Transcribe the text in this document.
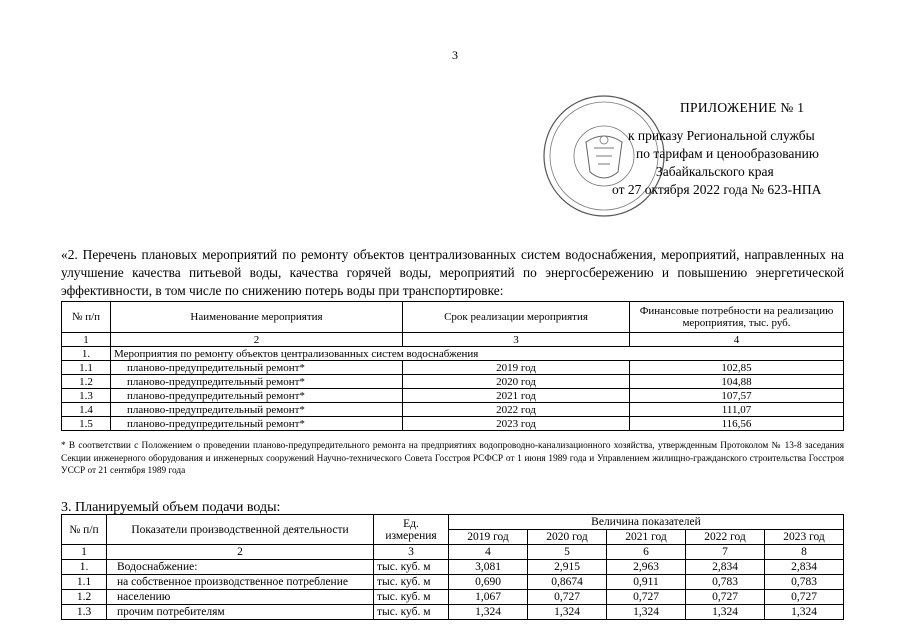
3
ПРИЛОЖЕНИЕ № 1
к приказу Региональной службы
по тарифам и ценообразованию
Забайкальского края
от 27 октября 2022 года № 623-НПА
«2. Перечень плановых мероприятий по ремонту объектов централизованных систем водоснабжения, мероприятий, направленных на улучшение качества питьевой воды, качества горячей воды, мероприятий по энергосбережению и повышению энергетической эффективности, в том числе по снижению потерь воды при транспортировке:
№ п/п	Наименование мероприятия	Срок реализации мероприятия	Финансовые потребности на реализацию мероприятия, тыс. руб.
1	2	3	4
1.	Мероприятия по ремонту объектов централизованных систем водоснабжения		
1.1	планово-предупредительный ремонт*	2019 год	102,85
1.2	планово-предупредительный ремонт*	2020 год	104,88
1.3	планово-предупредительный ремонт*	2021 год	107,57
1.4	планово-предупредительный ремонт*	2022 год	111,07
1.5	планово-предупредительный ремонт*	2023 год	116,56
* В соответствии с Положением о проведении планово-предупредительного ремонта на предприятиях водопроводно-канализационного хозяйства, утвержденным Протоколом № 13-8 заседания Секции инженерного оборудования и инженерных сооружений Научно-технического Совета Госстроя РСФСР от 1 июня 1989 года и Управлением жилищно-гражданского строительства Госстроя УССР от 21 сентября 1989 года
3. Планируемый объем подачи воды:
№ п/п	Показатели производственной деятельности	Ед. измерения	Величина показателей				
			2019 год	2020 год	2021 год	2022 год	2023 год
1	2	3	4	5	6	7	8
1.	Водоснабжение:	тыс. куб. м	3,081	2,915	2,963	2,834	2,834
1.1	на собственное производственное потребление	тыс. куб. м	0,690	0,8674	0,911	0,783	0,783
1.2	населению	тыс. куб. м	1,067	0,727	0,727	0,727	0,727
1.3	прочим потребителям	тыс. куб. м	1,324	1,324	1,324	1,324	1,324
